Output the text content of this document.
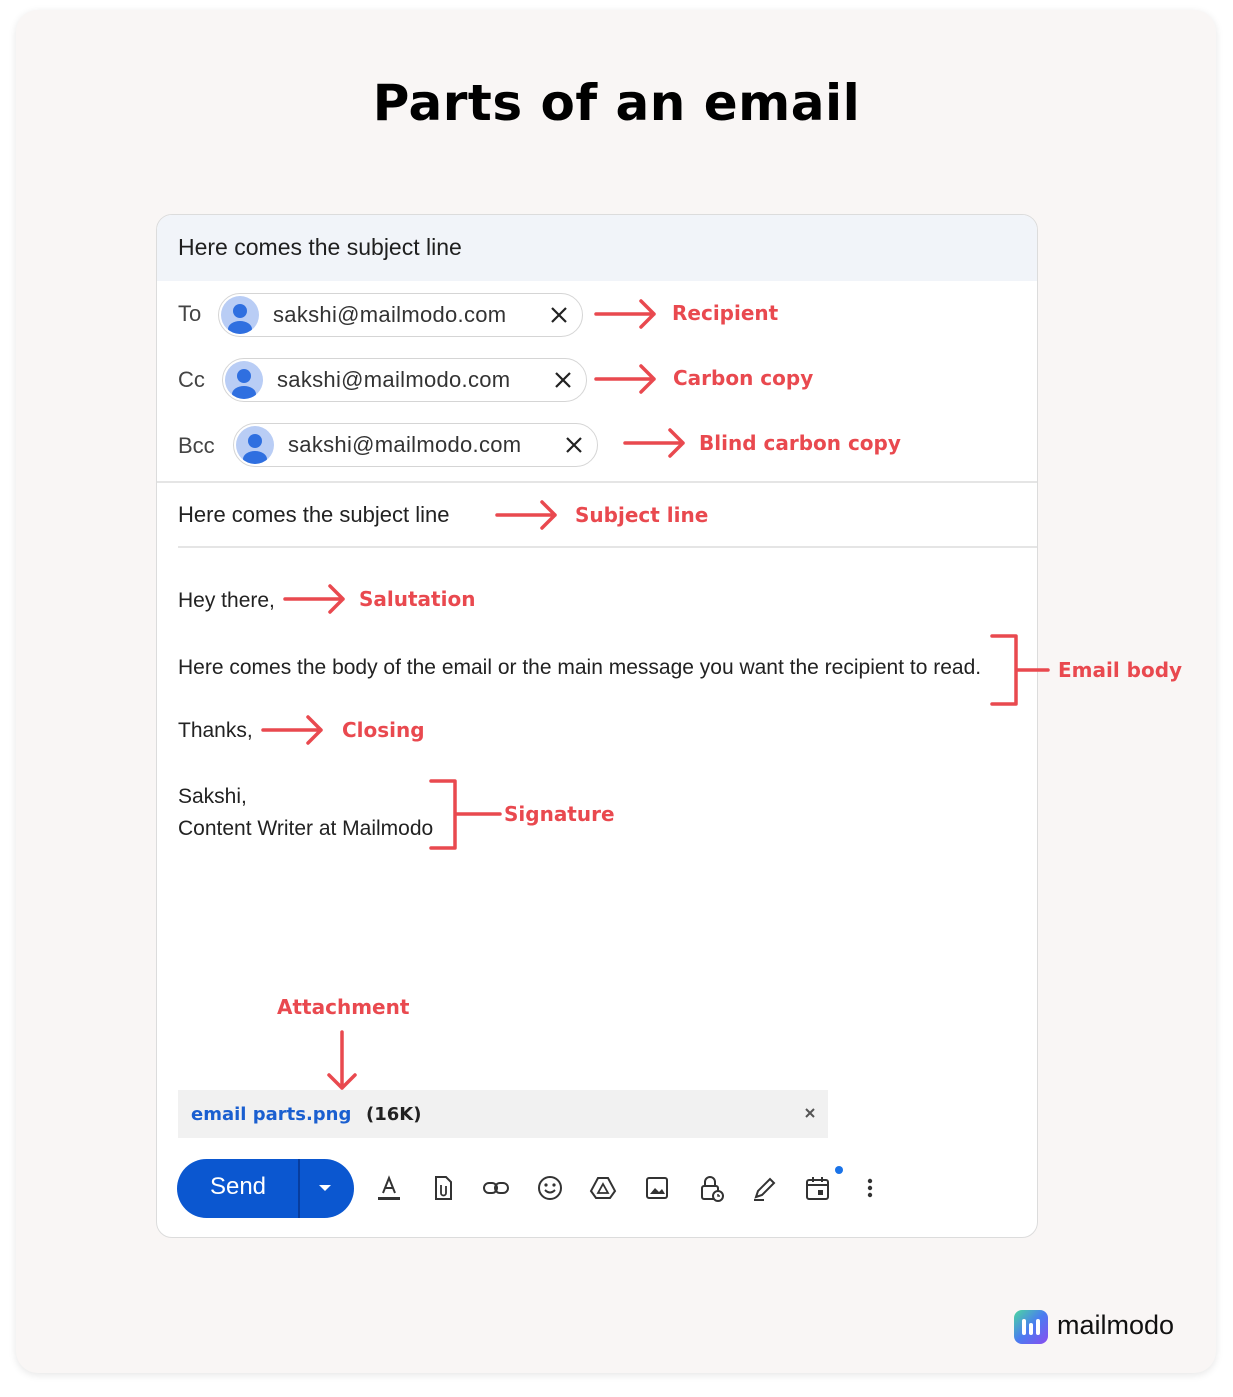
Parts of an email
Here comes the subject line
To	sakshi@mailmodo.com
Cc	sakshi@mailmodo.com
Bcc	sakshi@mailmodo.com
Here comes the subject line
Hey there,
Here comes the body of the email or the main message you want the recipient to read.
Thanks,
Sakshi,
Content Writer at Mailmodo
email parts.png (16K)
Send
Recipient
Carbon copy
Blind carbon copy
Subject line
Salutation
Email body
Closing
Signature
Attachment
mailmodo
